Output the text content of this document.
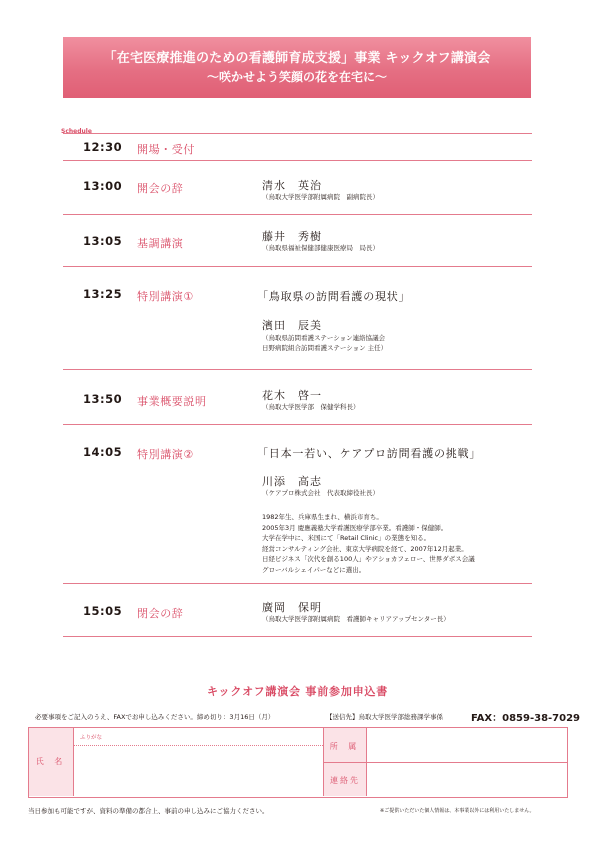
「在宅医療推進のための看護師育成支援」事業 キックオフ講演会
〜咲かせよう笑顔の花を在宅に〜
Schedule
12:30 開場・受付
13:00 開会の辞	清水　英治
（鳥取大学医学部附属病院　副病院長）
13:05 基調講演
藤井　秀樹
（鳥取県福祉保健部健康医療局　局長）
13:25 特別講演①	「鳥取県の訪問看護の現状」
濱田　辰美
（鳥取県訪問看護ステーション連絡協議会
日野病院組合訪問看護ステーション 主任）
13:50 事業概要説明	花木　啓一
（鳥取大学医学部　保健学科長）
14:05 特別講演②	「日本一若い、ケアプロ訪問看護の挑戦」
川添　高志
（ケアプロ株式会社　代表取締役社長）
1982年生、兵庫県生まれ、横浜市育ち。
2005年3月 慶應義塾大学看護医療学部卒業。看護師・保健師。
大学在学中に、米国にて「Retail Clinic」の業態を知る。
経営コンサルティング会社、東京大学病院を経て、2007年12月起業。
日経ビジネス「次代を創る100人」やアショカフェロー、世界ダボス会議
グローバルシェイパーなどに選出。
15:05 閉会の辞	廣岡　保明
（鳥取大学医学部附属病院　看護師キャリアアップセンター長）
キックオフ講演会 事前参加申込書
必要事項をご記入のうえ、FAXでお申し込みください。締め切り：3月16日（月）	【送信先】鳥取大学医学部総務課学事係	FAX：0859-38-7029
氏 名
ふりがな
所 属
連絡先
当日参加も可能ですが、資料の準備の都合上、事前の申し込みにご協力ください。	※ご提供いただいた個人情報は、本事業以外には利用いたしません。
